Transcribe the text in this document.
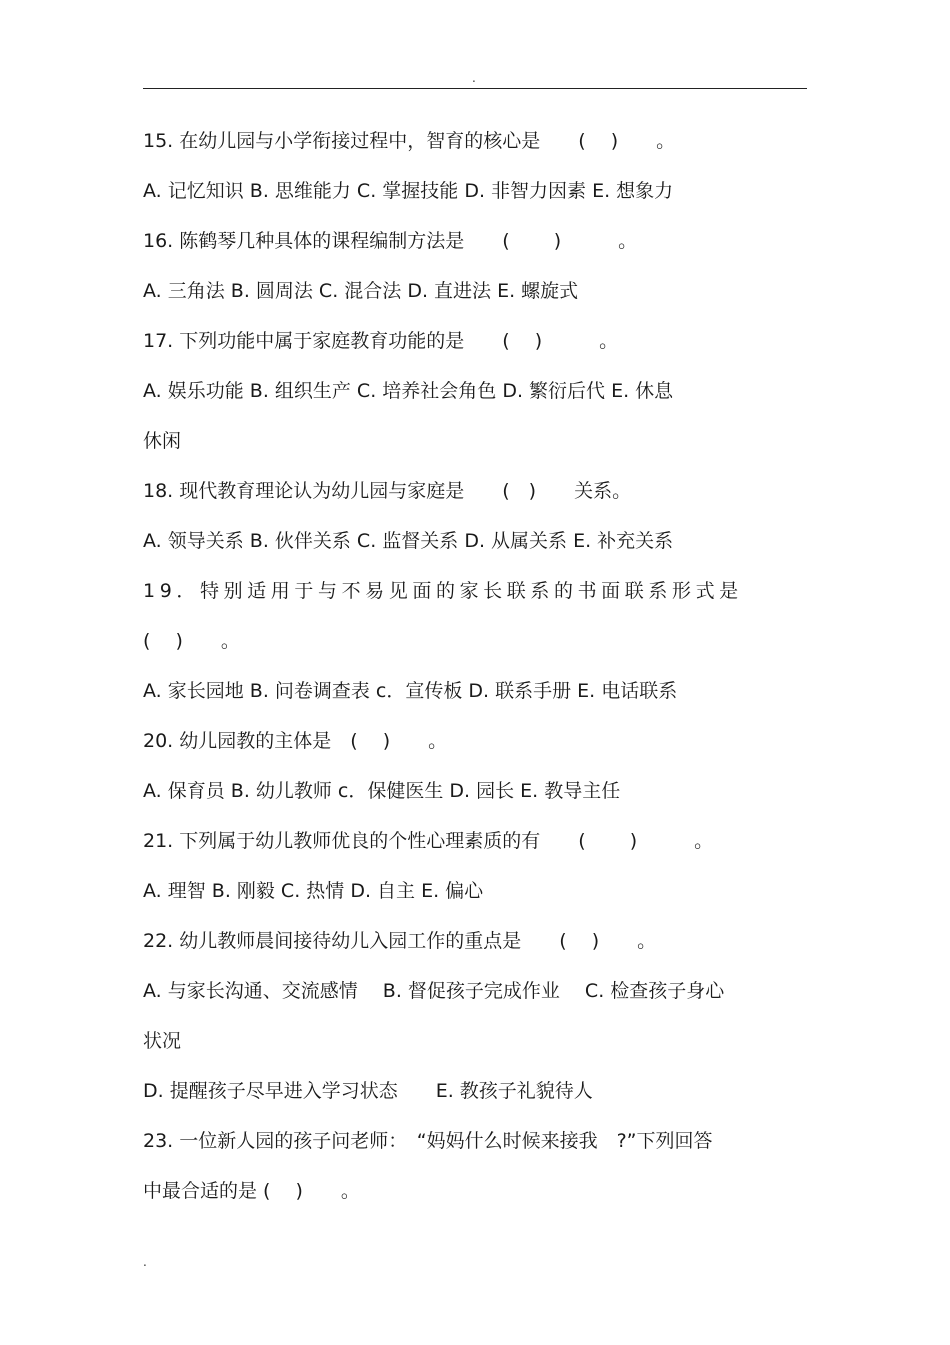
.
15. 在幼儿园与小学衔接过程中，智育的核心是　　(　 )　　。
A. 记忆知识 B. 思维能力 C. 掌握技能 D. 非智力因素 E. 想象力
16. 陈鹤琴几种具体的课程编制方法是　　(　　 )　　　。
A. 三角法 B. 圆周法 C. 混合法 D. 直进法 E. 螺旋式
17. 下列功能中属于家庭教育功能的是　　(　 )　　　。
A. 娱乐功能 B. 组织生产 C. 培养社会角色 D. 繁衍后代 E. 休息
休闲
18. 现代教育理论认为幼儿园与家庭是　　(　)　　关系。
A. 领导关系 B. 伙伴关系 C. 监督关系 D. 从属关系 E. 补充关系
19．特别适用于与不易见面的家长联系的书面联系形式是
(　 )　　。
A. 家长园地 B. 问卷调查表 c．宣传板 D. 联系手册 E. 电话联系
20. 幼儿园教的主体是　(　 )　　。
A. 保育员 B. 幼儿教师 c．保健医生 D. 园长 E. 教导主任
21. 下列属于幼儿教师优良的个性心理素质的有　　(　　 )　　　。
A. 理智 B. 刚毅 C. 热情 D. 自主 E. 偏心
22. 幼儿教师晨间接待幼儿入园工作的重点是　　(　 )　　。
A. 与家长沟通、交流感情　 B. 督促孩子完成作业　 C. 检查孩子身心
状况
D. 提醒孩子尽早进入学习状态　　E. 教孩子礼貌待人
23. 一位新人园的孩子问老师：　“妈妈什么时候来接我　?”下列回答
中最合适的是 (　 )　　。
.
